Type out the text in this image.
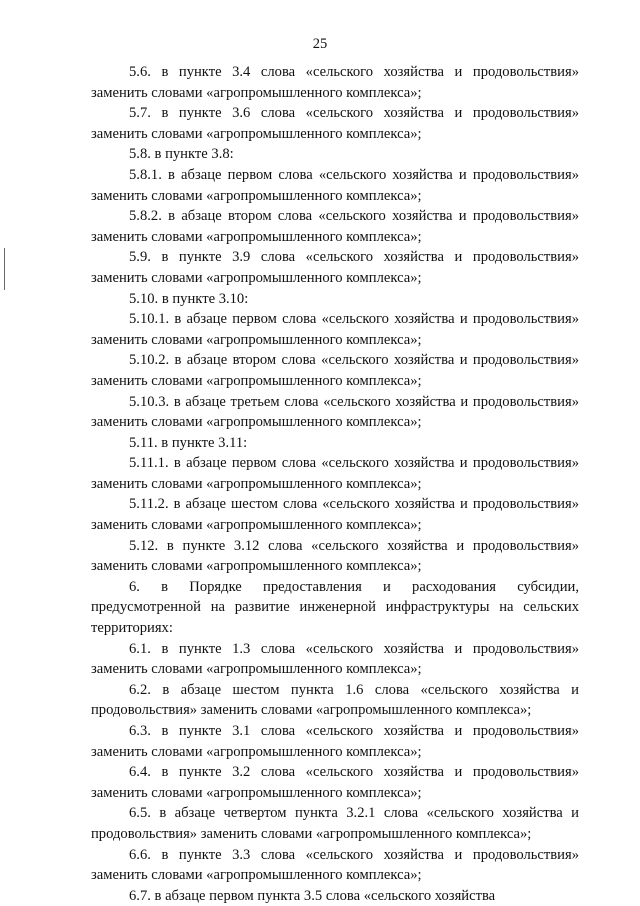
25

5.6. в пункте 3.4 слова «сельского хозяйства и продовольствия» заменить словами «агропромышленного комплекса»;

5.7. в пункте 3.6 слова «сельского хозяйства и продовольствия» заменить словами «агропромышленного комплекса»;

5.8. в пункте 3.8:

5.8.1. в абзаце первом слова «сельского хозяйства и продовольствия» заменить словами «агропромышленного комплекса»;

5.8.2. в абзаце втором слова «сельского хозяйства и продовольствия» заменить словами «агропромышленного комплекса»;

5.9. в пункте 3.9 слова «сельского хозяйства и продовольствия» заменить словами «агропромышленного комплекса»;

5.10. в пункте 3.10:

5.10.1. в абзаце первом слова «сельского хозяйства и продовольствия» заменить словами «агропромышленного комплекса»;

5.10.2. в абзаце втором слова «сельского хозяйства и продовольствия» заменить словами «агропромышленного комплекса»;

5.10.3. в абзаце третьем слова «сельского хозяйства и продовольствия» заменить словами «агропромышленного комплекса»;

5.11. в пункте 3.11:

5.11.1. в абзаце первом слова «сельского хозяйства и продовольствия» заменить словами «агропромышленного комплекса»;

5.11.2. в абзаце шестом слова «сельского хозяйства и продовольствия» заменить словами «агропромышленного комплекса»;

5.12. в пункте 3.12 слова «сельского хозяйства и продовольствия» заменить словами «агропромышленного комплекса»;

6. в Порядке предоставления и расходования субсидии, предусмотренной на развитие инженерной инфраструктуры на сельских территориях:

6.1. в пункте 1.3 слова «сельского хозяйства и продовольствия» заменить словами «агропромышленного комплекса»;

6.2. в абзаце шестом пункта 1.6 слова «сельского хозяйства и продовольствия» заменить словами «агропромышленного комплекса»;

6.3. в пункте 3.1 слова «сельского хозяйства и продовольствия» заменить словами «агропромышленного комплекса»;

6.4. в пункте 3.2 слова «сельского хозяйства и продовольствия» заменить словами «агропромышленного комплекса»;

6.5. в абзаце четвертом пункта 3.2.1 слова «сельского хозяйства и продовольствия» заменить словами «агропромышленного комплекса»;

6.6. в пункте 3.3 слова «сельского хозяйства и продовольствия» заменить словами «агропромышленного комплекса»;

6.7. в абзаце первом пункта 3.5 слова «сельского хозяйства
